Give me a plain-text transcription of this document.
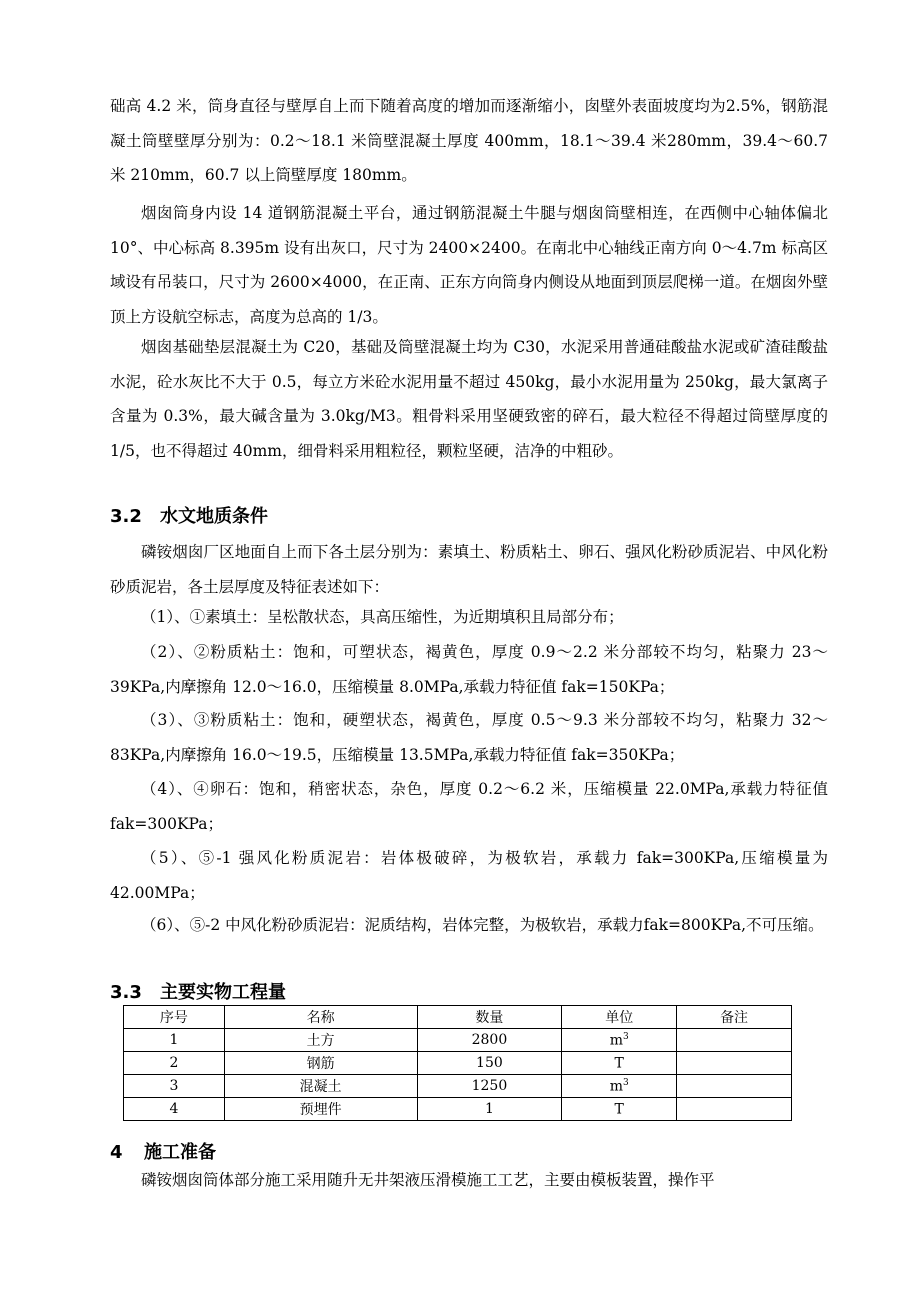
础高 4.2 米，筒身直径与壁厚自上而下随着高度的增加而逐渐缩小，囱壁外表面坡度均为2.5%，钢筋混凝土筒壁壁厚分别为：0.2～18.1 米筒壁混凝土厚度 400mm，18.1～39.4 米280mm，39.4～60.7 米 210mm，60.7 以上筒壁厚度 180mm。

烟囱筒身内设 14 道钢筋混凝土平台，通过钢筋混凝土牛腿与烟囱筒壁相连，在西侧中心轴体偏北 10°、中心标高 8.395m 设有出灰口，尺寸为 2400×2400。在南北中心轴线正南方向 0～4.7m 标高区域设有吊装口，尺寸为 2600×4000，在正南、正东方向筒身内侧设从地面到顶层爬梯一道。在烟囱外壁顶上方设航空标志，高度为总高的 1/3。

烟囱基础垫层混凝土为 C20，基础及筒壁混凝土均为 C30，水泥采用普通硅酸盐水泥或矿渣硅酸盐水泥，砼水灰比不大于 0.5，每立方米砼水泥用量不超过 450kg，最小水泥用量为 250kg，最大氯离子含量为 0.3%，最大碱含量为 3.0kg/M3。粗骨料采用坚硬致密的碎石，最大粒径不得超过筒壁厚度的 1/5，也不得超过 40mm，细骨料采用粗粒径，颗粒坚硬，洁净的中粗砂。

3.2 水文地质条件

磷铵烟囱厂区地面自上而下各土层分别为：素填土、粉质粘土、卵石、强风化粉砂质泥岩、中风化粉砂质泥岩，各土层厚度及特征表述如下：

（1）、①素填土：呈松散状态，具高压缩性，为近期填积且局部分布；

（2）、②粉质粘土：饱和，可塑状态，褐黄色，厚度 0.9～2.2 米分部较不均匀，粘聚力 23～39KPa,内摩擦角 12.0～16.0，压缩模量 8.0MPa,承载力特征值 fak=150KPa；

（3）、③粉质粘土：饱和，硬塑状态，褐黄色，厚度 0.5～9.3 米分部较不均匀，粘聚力 32～83KPa,内摩擦角 16.0～19.5，压缩模量 13.5MPa,承载力特征值 fak=350KPa；

（4）、④卵石：饱和，稍密状态，杂色，厚度 0.2～6.2 米，压缩模量 22.0MPa,承载力特征值 fak=300KPa；

（5）、⑤-1 强风化粉质泥岩：岩体极破碎，为极软岩，承载力 fak=300KPa,压缩模量为 42.00MPa；

（6）、⑤-2 中风化粉砂质泥岩：泥质结构，岩体完整，为极软岩，承载力fak=800KPa,不可压缩。

3.3 主要实物工程量
序号	名称	数量	单位	备注
1	土方	2800	$m^3$	
2	钢筋	150	T	
3	混凝土	1250	$m^3$	
4	预埋件	1	T	
4 施工准备

磷铵烟囱筒体部分施工采用随升无井架液压滑模施工工艺，主要由模板装置，操作平
